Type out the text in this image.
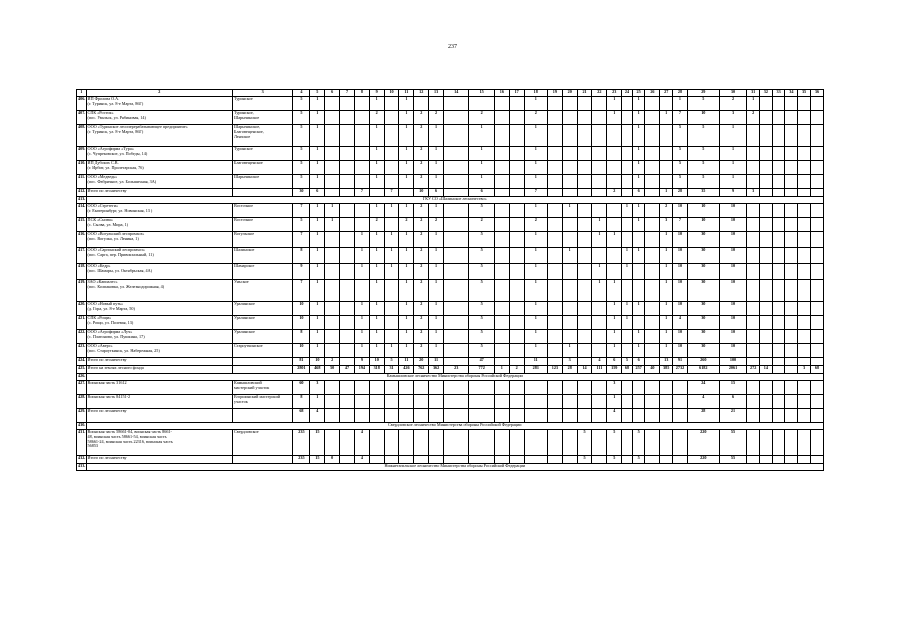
237
1	2	3	4	5	6	7	8	9	10	11	12	13	14	15	16	17	18	19	20	21	22	23	24	25	26	27	28	29	30	31	32	33	34	35	36
406.	ИП Фролова О.А.
(г. Туринск, ул. 8-е Марта, 86Г)	Туринское	5	1				1		1							1					1		1			1	5	2	1					
407.	СПК «Росток»
(пос. Увальск, ул. Рябиновая, 14)	Туринское,
Шарычинское	5	1				2		1	2	2		2			2					1		1		1	7	10	3	2					
408.	ООО «Туринское лесоперерабатывающее предприятие»
(г. Туринск, ул. 8-е Марта, 86Г)	Шарычинское,
Благовещенское,
Лензское	5	1				1		1	2	1		1			1							1			5	5	1						
409.	ООО «Агрофирма «Тура»
(с. Чупрековское, ул. Победы, 14)	Туринское	5	1				1		1	2	1		1			1							1			5	5	1						
410.	ИП Дубских С.В.
(г. Ирбит, ул. Пролетарская, 76)	Благовещенское	5	1				1		1	2	1		1			1							1			5	5	1						
411.	ООО «Медведь»
(пос. Фабричное, ул. Большичная, 3А)	Шарычинское	5	1				1		1	2	1		1			1							1			5	5	1						
412.	Итого по лесничеству		30	6			7		7		10	6		6			7					2		6		1	28	35	9	3					
413.	ГКУ СО «Шалинское лесничество»																																		
414.	ООО «Стретеги»
(г. Екатеринбург, ул. Новинская, 13 )	Восточное	7	1	1			1	1	1	2	1		5			1		1				1	1		2	10	10	10						
415.	ПСК «Сылва»
(с. Сылва, ул. Мира, 1)	Восточное	5	1	1			2		2	2	2		2			2				1			1		3	7	10	10						
416.	ООО «Вогульский леспромхоз»
(пос. Вогулка, ул. Ленина, 1)	Вогульское	7	1			1	1	1	1	2	1		5			1				1	1				1	10	30	10						
417.	ООО «Саргинский леспромхоз»
(пос. Сарга, пер. Привокзальный, 11)	Шалинское	8	1			1	1	1	1	2	1		5			1		1				1	1		1	10	30	10						
418.	ООО «Кедр»
(пос. Шамары, ул. Октябрьская, 4А)	Шамарское	9	1			1	1	1	1	2	1		5			1				1		1			1	10	30	10						
419.	ЗАО «Капиалес»
(пос. Колпаковка, ул. Железнодорожная, 4)	Унъское	7	1				1		1	2	1		5			1				1	1				1	10	30	10						
420.	ООО «Новый путь»
(д. Гора, ул. 8-е Марта, 50)	Уралинское	10	1			1	1		1	2	1		5			1					1	1	1		1	10	30	10						
421.	СПК «Рощи»
(с. Рощи, ул. Полевая, 13)	Уралинское	10	1			1	1		1	2	1		5			1					1	1			1	4	30	10						
422.	ООО «Агрофирма «Луч»
(с. Платоново, ул. Пушкина, 17)	Уралинское	8	1			1	1		1	2	1		5			1					1		1		1	10	30	10						
423.	ООО «Аверс»
(пос. Староуткинск, ул. Набережная, 25)	Староуткинское	10	1			1	1	1	1	2	1		5			1		1			1		1		1	10	30	10						
424.	Итого по лесничеству		81	10	2		9	10	5	11	20	11		47			11		3		4	6	5	6		13	91	260	100						
425.	Итого на землях лесного фонда		2801	468	50	47	194	318	31	426	762	362	23	772	1	2	281	123	28	14	111	159	68	257	40	385	2732	6182	2061	272	14			3	68
426.	Камышловское лесничество Министерства обороны Российской Федерации																																		
427.	Воинская часть 31612	Камышловский
мастерский участок	60	3																		3						24	15						
428.	Воинская часть 84151-2	Егоршинский мастерский
участок	8	1																		1						4	6						
429.	Итого по лесничеству		68	4																		4						28	21						
430.	Свердловское лесничество Министерства обороны Российской Федерации																																		
431.	Воинская часть 58661-04, воинская часть 8661-
48, воинская часть 58661-54, воинская часть
58661-24, воинская часть 22316, воинская часть
56853	Свердловское	235	15			4													5		5		5				220	55						
432.	Итого по лесничеству		235	15	0		4													5		5		5				220	55						
433.	Нижнетагильское лесничество Министерства обороны Российской Федерации																																		
